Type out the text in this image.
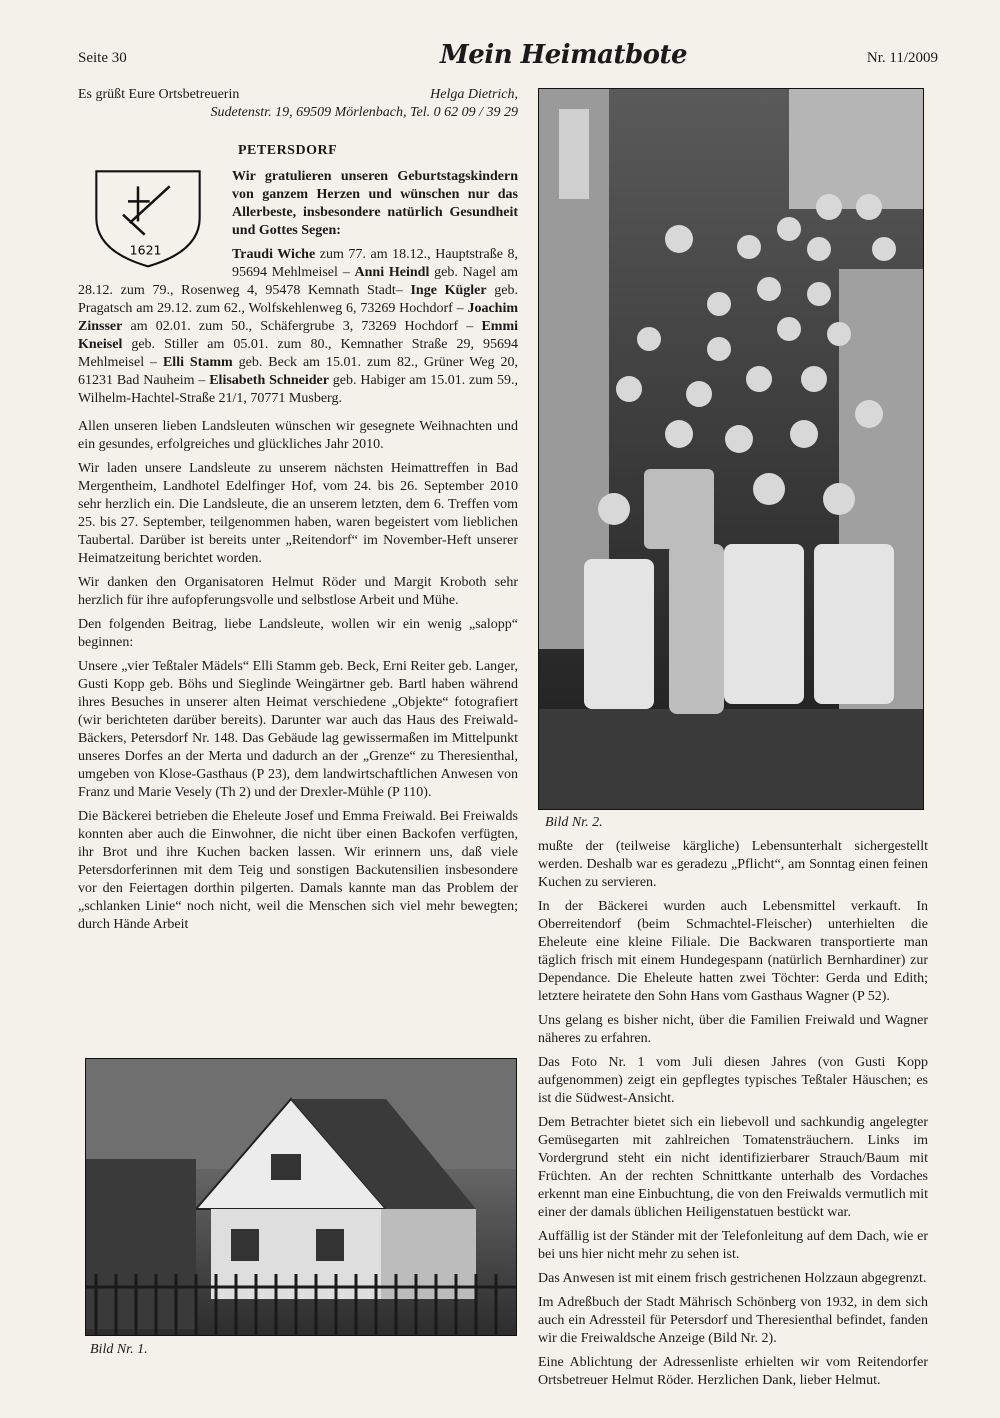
Seite 30	Mein Heimatbote	Nr. 11/2009
Es grüßt Eure Ortsbetreuerin	Helga Dietrich,
Sudetenstr. 19, 69509 Mörlenbach, Tel. 0 62 09 / 39 29
PETERSDORF
1621

Wir gratulieren unseren Geburtstagskindern von ganzem Herzen und wünschen nur das Allerbeste, insbesondere natürlich Gesundheit und Gottes Segen:

Traudi Wiche zum 77. am 18.12., Hauptstraße 8, 95694 Mehlmeisel – Anni Heindl geb. Nagel am 28.12. zum 79., Rosenweg 4, 95478 Kemnath Stadt– Inge Kügler geb. Pragatsch am 29.12. zum 62., Wolfskehlenweg 6, 73269 Hochdorf – Joachim Zinsser am 02.01. zum 50., Schäfergrube 3, 73269 Hochdorf – Emmi Kneisel geb. Stiller am 05.01. zum 80., Kemnather Straße 29, 95694 Mehlmeisel – Elli Stamm geb. Beck am 15.01. zum 82., Grüner Weg 20, 61231 Bad Nauheim – Elisabeth Schneider geb. Habiger am 15.01. zum 59., Wilhelm-Hachtel-Straße 21/1, 70771 Musberg.

Allen unseren lieben Landsleuten wünschen wir gesegnete Weihnachten und ein gesundes, erfolgreiches und glückliches Jahr 2010.

Wir laden unsere Landsleute zu unserem nächsten Heimattreffen in Bad Mergentheim, Landhotel Edelfinger Hof, vom 24. bis 26. September 2010 sehr herzlich ein. Die Landsleute, die an unserem letzten, dem 6. Treffen vom 25. bis 27. September, teilgenommen haben, waren begeistert vom lieblichen Taubertal. Darüber ist bereits unter „Reitendorf“ im November-Heft unserer Heimatzeitung berichtet worden.

Wir danken den Organisatoren Helmut Röder und Margit Kroboth sehr herzlich für ihre aufopferungsvolle und selbstlose Arbeit und Mühe.

Den folgenden Beitrag, liebe Landsleute, wollen wir ein wenig „salopp“ beginnen:

Unsere „vier Teßtaler Mädels“ Elli Stamm geb. Beck, Erni Reiter geb. Langer, Gusti Kopp geb. Böhs und Sieglinde Weingärtner geb. Bartl haben während ihres Besuches in unserer alten Heimat verschiedene „Objekte“ fotografiert (wir berichteten darüber bereits). Darunter war auch das Haus des Freiwald-Bäckers, Petersdorf Nr. 148. Das Gebäude lag gewissermaßen im Mittelpunkt unseres Dorfes an der Merta und dadurch an der „Grenze“ zu Theresienthal, umgeben von Klose-Gasthaus (P 23), dem landwirtschaftlichen Anwesen von Franz und Marie Vesely (Th 2) und der Drexler-Mühle (P 110).

Die Bäckerei betrieben die Eheleute Josef und Emma Freiwald. Bei Freiwalds konnten aber auch die Einwohner, die nicht über einen Backofen verfügten, ihr Brot und ihre Kuchen backen lassen. Wir erinnern uns, daß viele Petersdorferinnen mit dem Teig und sonstigen Backutensilien insbesondere vor den Feiertagen dorthin pilgerten. Damals kannte man das Problem der „schlanken Linie“ noch nicht, weil die Menschen sich viel mehr bewegten; durch Hände Arbeit

Bild Nr. 2.

mußte der (teilweise kärgliche) Lebensunterhalt sichergestellt werden. Deshalb war es geradezu „Pflicht“, am Sonntag einen feinen Kuchen zu servieren.

In der Bäckerei wurden auch Lebensmittel verkauft. In Oberreitendorf (beim Schmachtel-Fleischer) unterhielten die Eheleute eine kleine Filiale. Die Backwaren transportierte man täglich frisch mit einem Hundegespann (natürlich Bernhardiner) zur Dependance. Die Eheleute hatten zwei Töchter: Gerda und Edith; letztere heiratete den Sohn Hans vom Gasthaus Wagner (P 52).

Uns gelang es bisher nicht, über die Familien Freiwald und Wagner näheres zu erfahren.

Das Foto Nr. 1 vom Juli diesen Jahres (von Gusti Kopp aufgenommen) zeigt ein gepflegtes typisches Teßtaler Häuschen; es ist die Südwest-Ansicht.

Dem Betrachter bietet sich ein liebevoll und sachkundig angelegter Gemüsegarten mit zahlreichen Tomatensträuchern. Links im Vordergrund steht ein nicht identifizierbarer Strauch/Baum mit Früchten. An der rechten Schnittkante unterhalb des Vordaches erkennt man eine Einbuchtung, die von den Freiwalds vermutlich mit einer der damals üblichen Heiligenstatuen bestückt war.

Auffällig ist der Ständer mit der Telefonleitung auf dem Dach, wie er bei uns hier nicht mehr zu sehen ist.

Das Anwesen ist mit einem frisch gestrichenen Holzzaun abgegrenzt.

Im Adreßbuch der Stadt Mährisch Schönberg von 1932, in dem sich auch ein Adressteil für Petersdorf und Theresienthal befindet, fanden wir die Freiwaldsche Anzeige (Bild Nr. 2).

Eine Ablichtung der Adressenliste erhielten wir vom Reitendorfer Ortsbetreuer Helmut Röder. Herzlichen Dank, lieber Helmut.

Bild Nr. 1.
